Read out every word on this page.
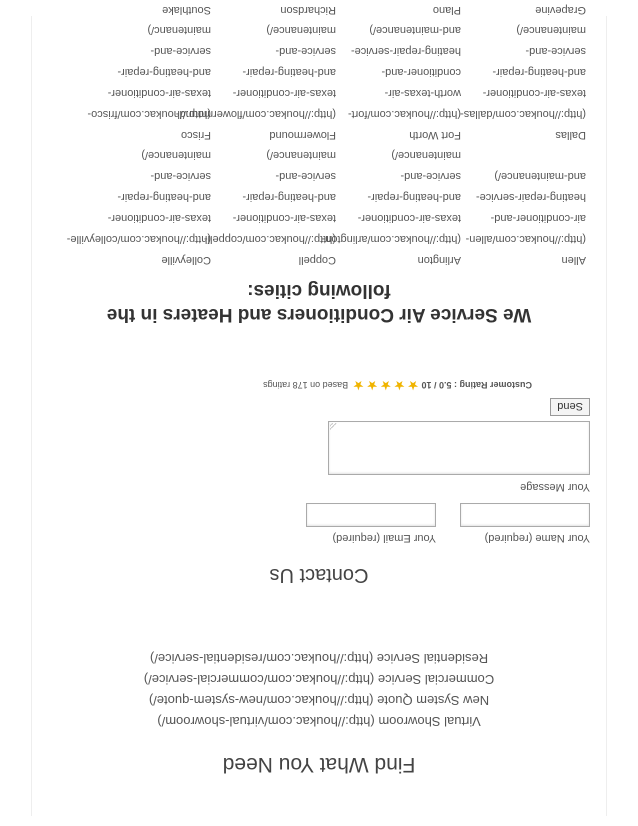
Find What You Need
Virtual Showroom (http://houkac.com/virtual-showroom/)
New System Quote (http://houkac.com/new-system-quote/)
Commercial Service (http://houkac.com/commercial-service/)
Residential Service (http://houkac.com/residential-service/)
Contact Us
Your Name (required)
Your Email (required)
Your Message
Send
Customer Rating : 5.0 / 10 ★★★★★ Based on 178 ratings
We Service Air Conditioners and Heaters in the following cities:
Allen
(http://houkac.com/allen-
air-conditioner-and-
heating-repair-service-
and-maintenance/)
Arlington
(http://houkac.com/arlington-
texas-air-conditioner-
and-heating-repair-
service-and-
maintenance/)
Coppell
(http://houkac.com/coppell-
texas-air-conditioner-
and-heating-repair-
service-and-
maintenance/)
Colleyville
(http://houkac.com/colleyville-
texas-air-conditioner-
and-heating-repair-
service-and-
maintenance/)
Dallas
(http://houkac.com/dallas-
texas-air-conditioner-
and-heating-repair-
service-and-
maintenance/)
Fort Worth
(http://houkac.com/fort-
worth-texas-air-
conditioner-and-
heating-repair-service-
and-maintenance/)
Flowermound
(http://houkac.com/flowermound-
texas-air-conditioner-
and-heating-repair-
service-and-
maintenance/)
Frisco
(http://houkac.com/frisco-
texas-air-conditioner-
and-heating-repair-
service-and-
maintenanc/)
Grapevine
Plano
Richardson
Southlake
